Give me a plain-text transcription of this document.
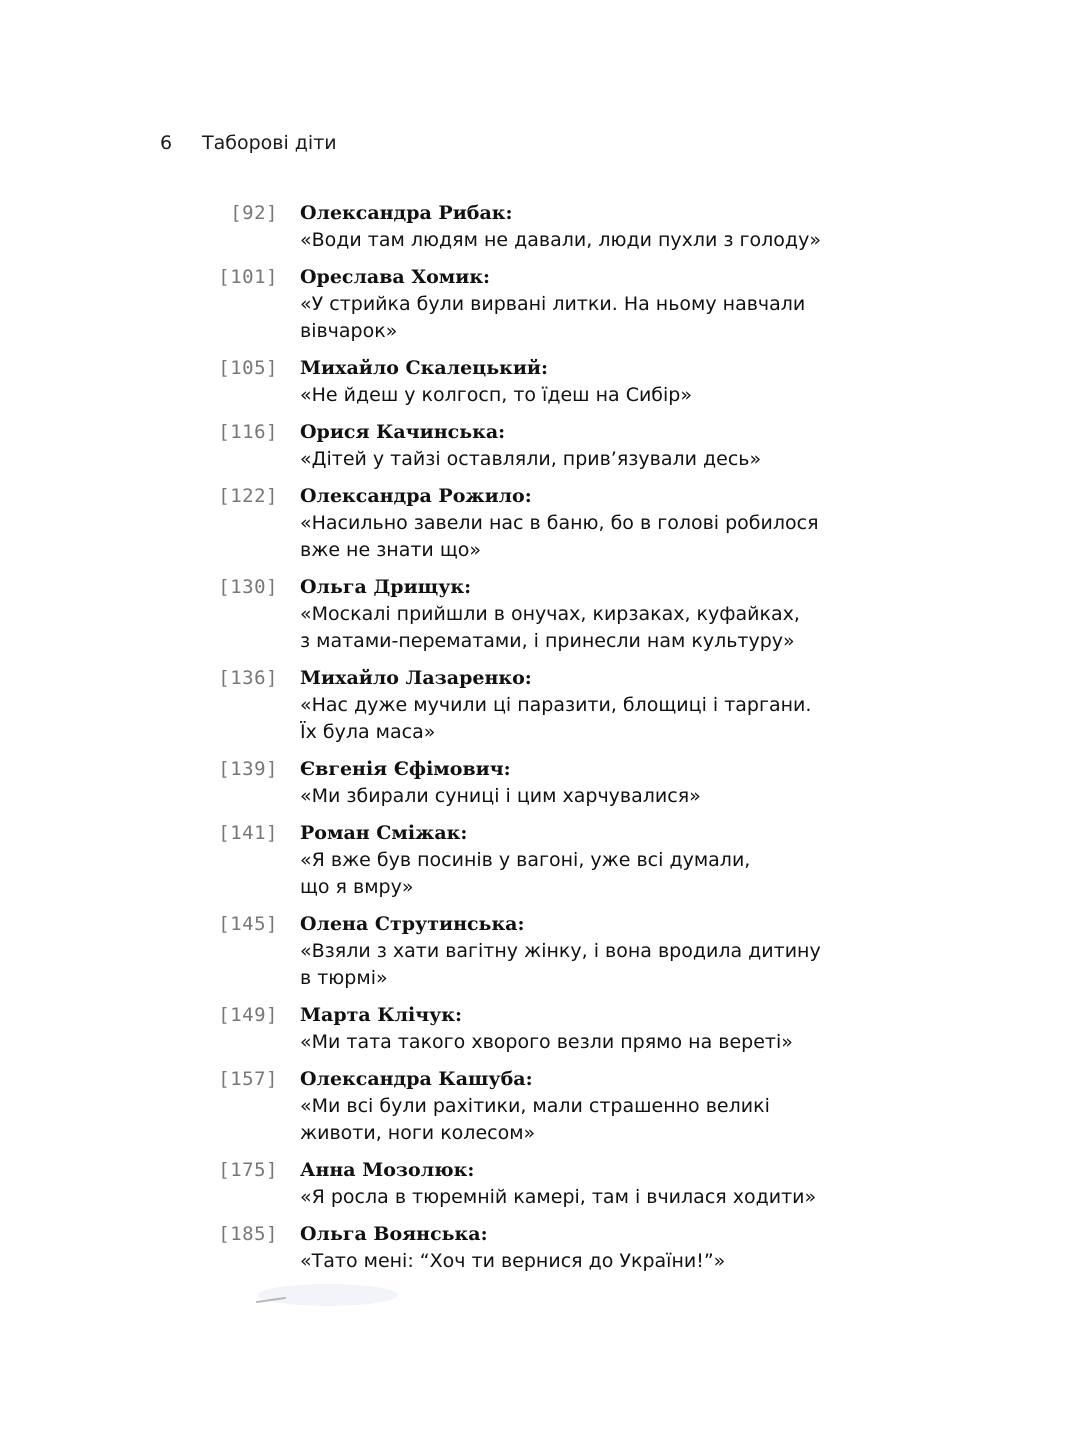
6 Таборові діти
[92]	Олександра Рибак:
«Води там людям не давали, люди пухли з голоду»
[101]	Ореслава Хомик:
«У стрийка були вирвані литки. На ньому навчали
вівчарок»
[105]	Михайло Скалецький:
«Не йдеш у колгосп, то їдеш на Сибір»
[116]	Орися Качинська:
«Дітей у тайзі оставляли, прив’язували десь»
[122]	Олександра Рожило:
«Насильно завели нас в баню, бо в голові робилося
вже не знати що»
[130]	Ольга Дрищук:
«Москалі прийшли в онучах, кирзаках, куфайках,
з матами-перематами, і принесли нам культуру»
[136]	Михайло Лазаренко:
«Нас дуже мучили ці паразити, блощиці і таргани.
Їх була маса»
[139]	Євгенія Єфімович:
«Ми збирали суниці і цим харчувалися»
[141]	Роман Сміжак:
«Я вже був посинів у вагоні, уже всі думали,
що я вмру»
[145]	Олена Струтинська:
«Взяли з хати вагітну жінку, і вона вродила дитину
в тюрмі»
[149]	Марта Клічук:
«Ми тата такого хворого везли прямо на вереті»
[157]	Олександра Кашуба:
«Ми всі були рахітики, мали страшенно великі
животи, ноги колесом»
[175]	Анна Мозолюк:
«Я росла в тюремній камері, там і вчилася ходити»
[185]	Ольга Воянська:
«Тато мені: “Хоч ти вернися до України!”»
